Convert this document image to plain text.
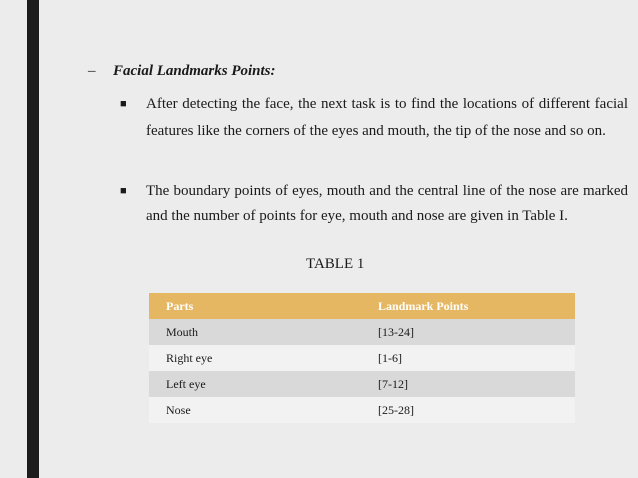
– Facial Landmarks Points:
■	After detecting the face, the next task is to find the locations of different facial features like the corners of the eyes and mouth, the tip of the nose and so on.
■	The boundary points of eyes, mouth and the central line of the nose are marked and the number of points for eye, mouth and nose are given in Table I.
TABLE 1
Parts	Landmark Points
Mouth	[13-24]
Right eye	[1-6]
Left eye	[7-12]
Nose	[25-28]
